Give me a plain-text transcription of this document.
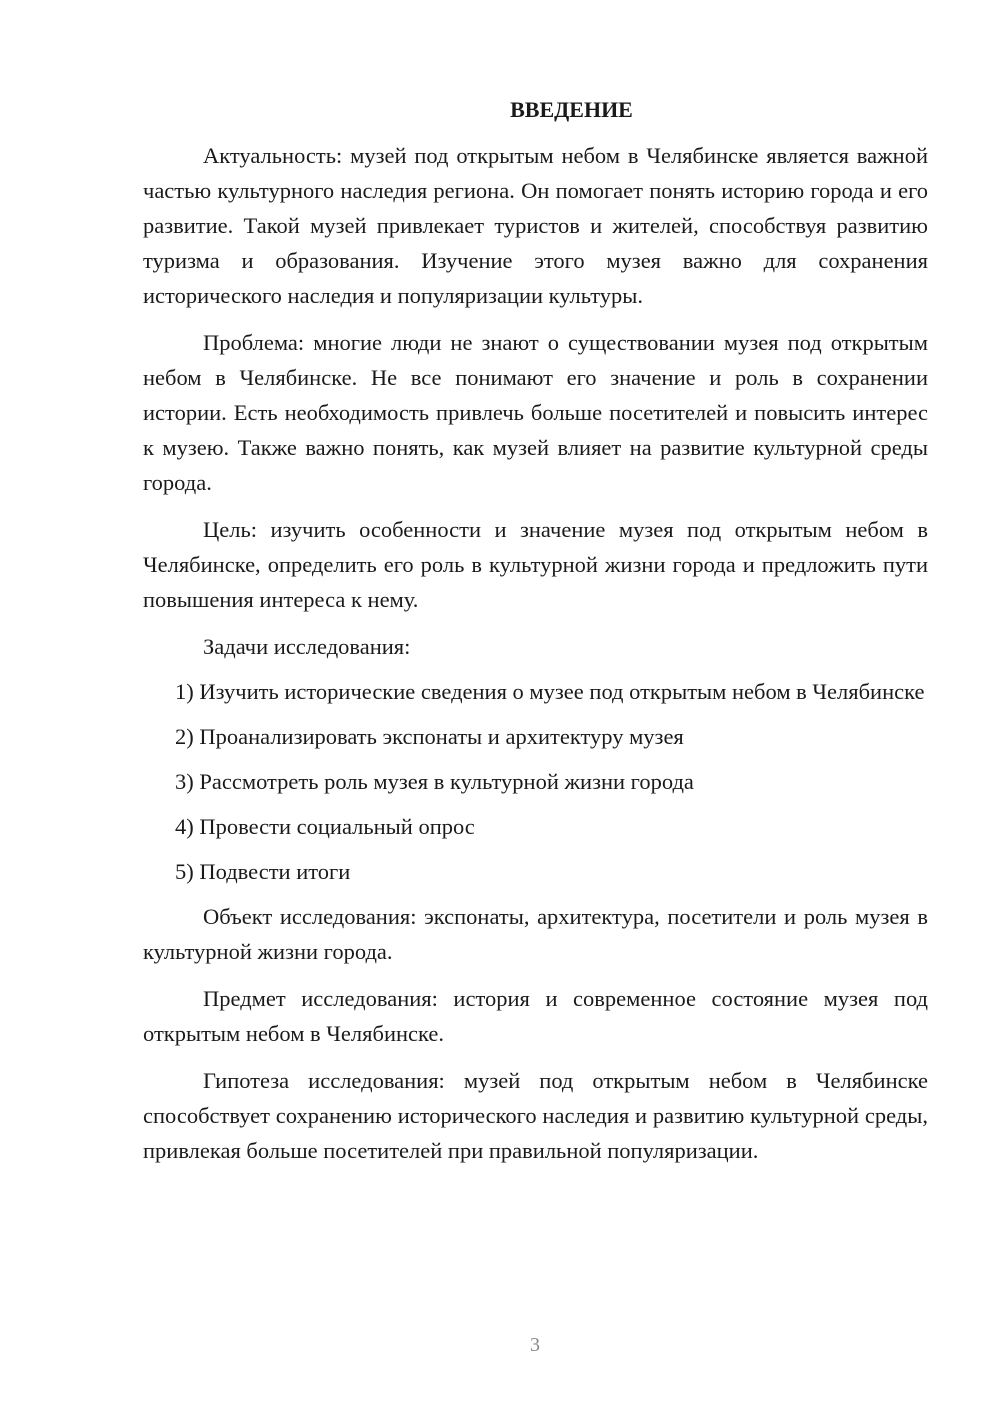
ВВЕДЕНИЕ

Актуальность: музей под открытым небом в Челябинске является важной частью культурного наследия региона. Он помогает понять историю города и его развитие. Такой музей привлекает туристов и жителей, способствуя развитию туризма и образования. Изучение этого музея важно для сохранения исторического наследия и популяризации культуры.

Проблема: многие люди не знают о существовании музея под открытым небом в Челябинске. Не все понимают его значение и роль в сохранении истории. Есть необходимость привлечь больше посетителей и повысить интерес к музею. Также важно понять, как музей влияет на развитие культурной среды города.

Цель: изучить особенности и значение музея под открытым небом в Челябинске, определить его роль в культурной жизни города и предложить пути повышения интереса к нему.

Задачи исследования:

1) Изучить исторические сведения о музее под открытым небом в Челябинске

2) Проанализировать экспонаты и архитектуру музея

3) Рассмотреть роль музея в культурной жизни города

4) Провести социальный опрос

5) Подвести итоги

Объект исследования: экспонаты, архитектура, посетители и роль музея в культурной жизни города.

Предмет исследования: история и современное состояние музея под открытым небом в Челябинске.

Гипотеза исследования: музей под открытым небом в Челябинске способствует сохранению исторического наследия и развитию культурной среды, привлекая больше посетителей при правильной популяризации.

3
